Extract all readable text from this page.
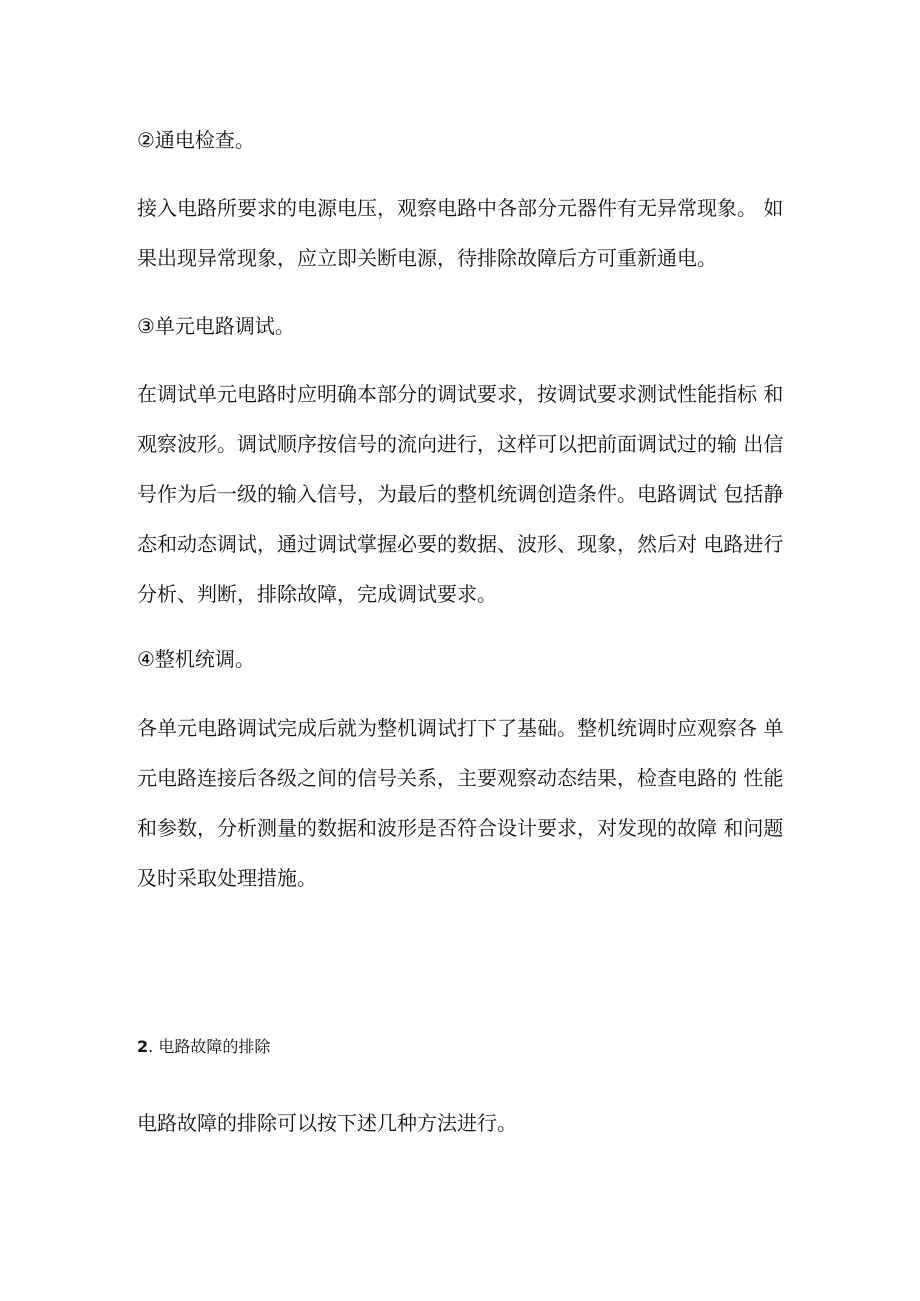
②通电检查。

接入电路所要求的电源电压，观察电路中各部分元器件有无异常现象。 如
果出现异常现象，应立即关断电源，待排除故障后方可重新通电。

③单元电路调试。

在调试单元电路时应明确本部分的调试要求，按调试要求测试性能指标 和
观察波形。调试顺序按信号的流向进行，这样可以把前面调试过的输 出信
号作为后一级的输入信号，为最后的整机统调创造条件。电路调试 包括静
态和动态调试，通过调试掌握必要的数据、波形、现象，然后对 电路进行
分析、判断，排除故障，完成调试要求。

④整机统调。

各单元电路调试完成后就为整机调试打下了基础。整机统调时应观察各 单
元电路连接后各级之间的信号关系，主要观察动态结果，检查电路的 性能
和参数，分析测量的数据和波形是否符合设计要求，对发现的故障 和问题
及时采取处理措施。

2. 电路故障的排除

电路故障的排除可以按下述几种方法进行。
